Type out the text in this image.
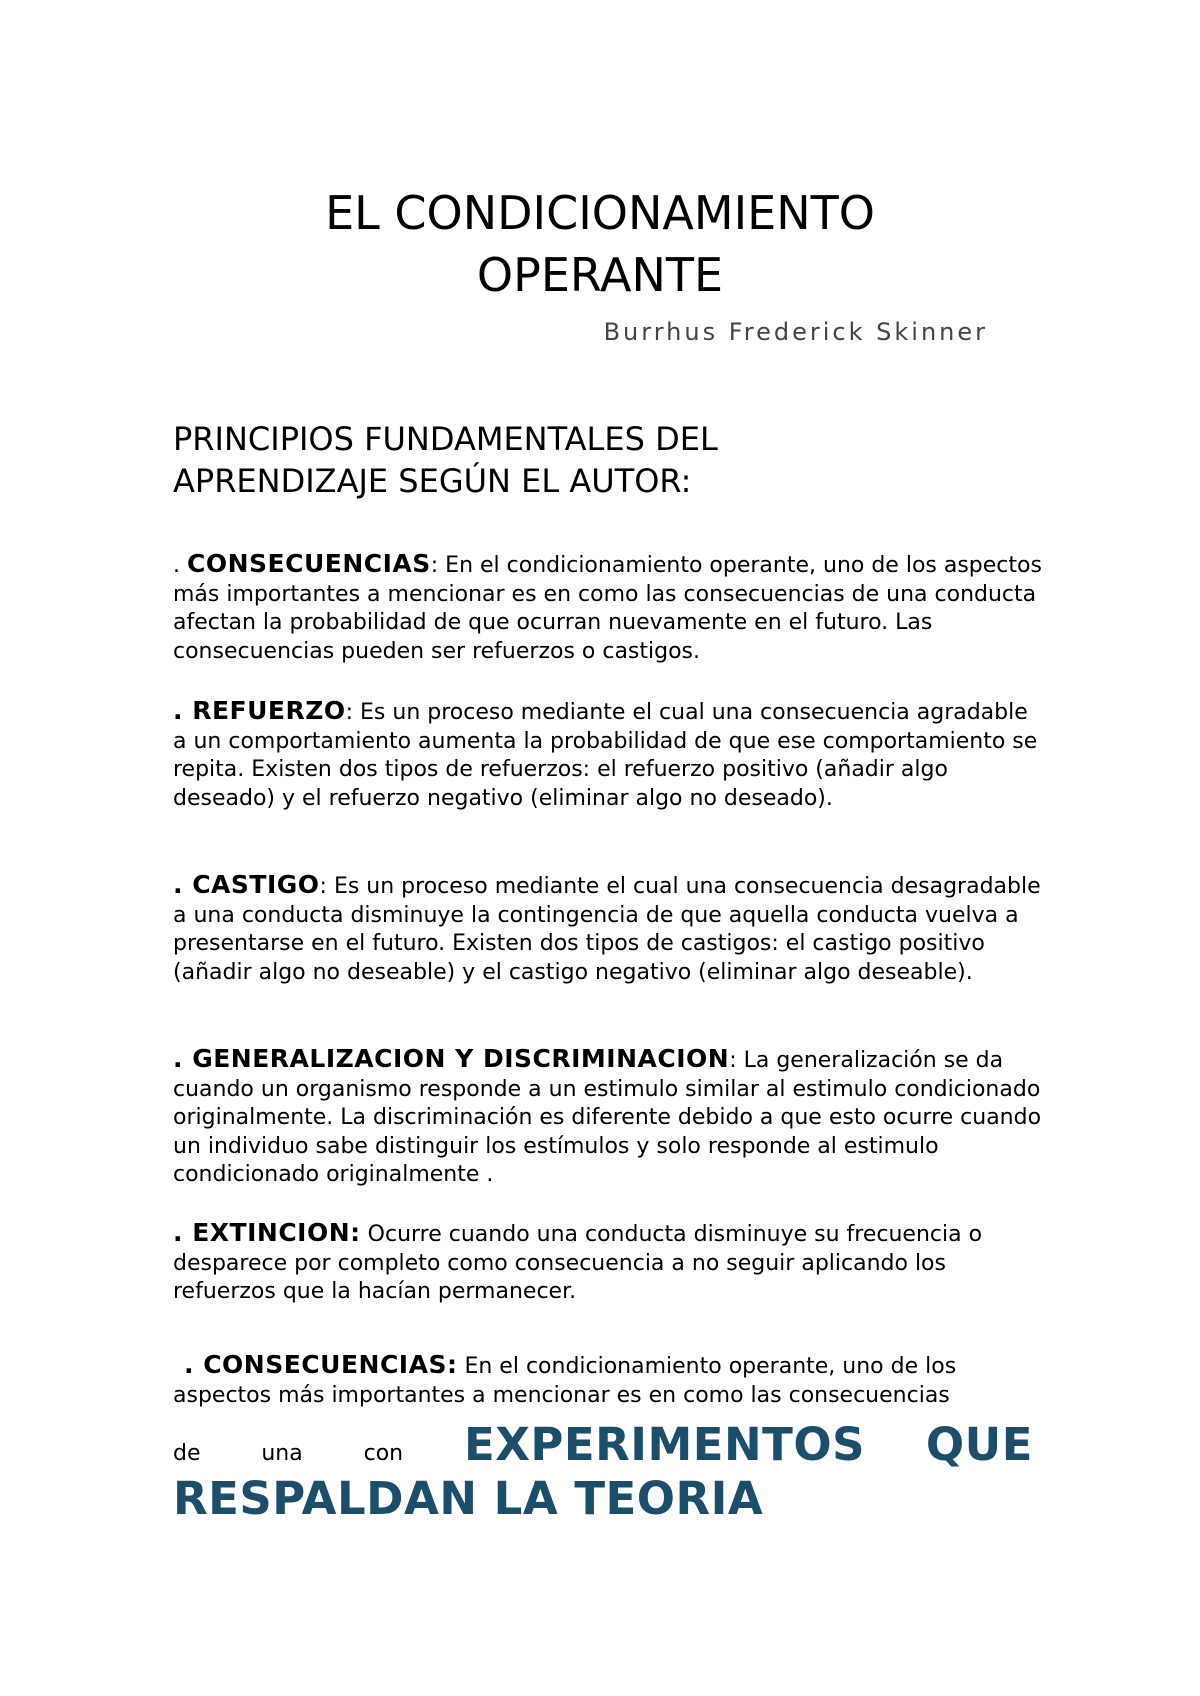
EL CONDICIONAMIENTO
OPERANTE

Burrhus Frederick Skinner

PRINCIPIOS FUNDAMENTALES DEL
APRENDIZAJE SEGÚN EL AUTOR:

. CONSECUENCIAS: En el condicionamiento operante, uno de los aspectos más importantes a mencionar es en como las consecuencias de una conducta afectan la probabilidad de que ocurran nuevamente en el futuro. Las consecuencias pueden ser refuerzos o castigos.

. REFUERZO: Es un proceso mediante el cual una consecuencia agradable a un comportamiento aumenta la probabilidad de que ese comportamiento se repita. Existen dos tipos de refuerzos: el refuerzo positivo (añadir algo deseado) y el refuerzo negativo (eliminar algo no deseado).

. CASTIGO: Es un proceso mediante el cual una consecuencia desagradable a una conducta disminuye la contingencia de que aquella conducta vuelva a presentarse en el futuro. Existen dos tipos de castigos: el castigo positivo (añadir algo no deseable) y el castigo negativo (eliminar algo deseable).

. GENERALIZACION Y DISCRIMINACION: La generalización se da cuando un organismo responde a un estimulo similar al estimulo condicionado originalmente. La discriminación es diferente debido a que esto ocurre cuando un individuo sabe distinguir los estímulos y solo responde al estimulo condicionado originalmente .

. EXTINCION: Ocurre cuando una conducta disminuye su frecuencia o desparece por completo como consecuencia a no seguir aplicando los refuerzos que la hacían permanecer.

. CONSECUENCIAS: En el condicionamiento operante, uno de los
aspectos más importantes a mencionar es en como las consecuencias

de	una	con EXPERIMENTOS QUE

RESPALDAN LA TEORIA
